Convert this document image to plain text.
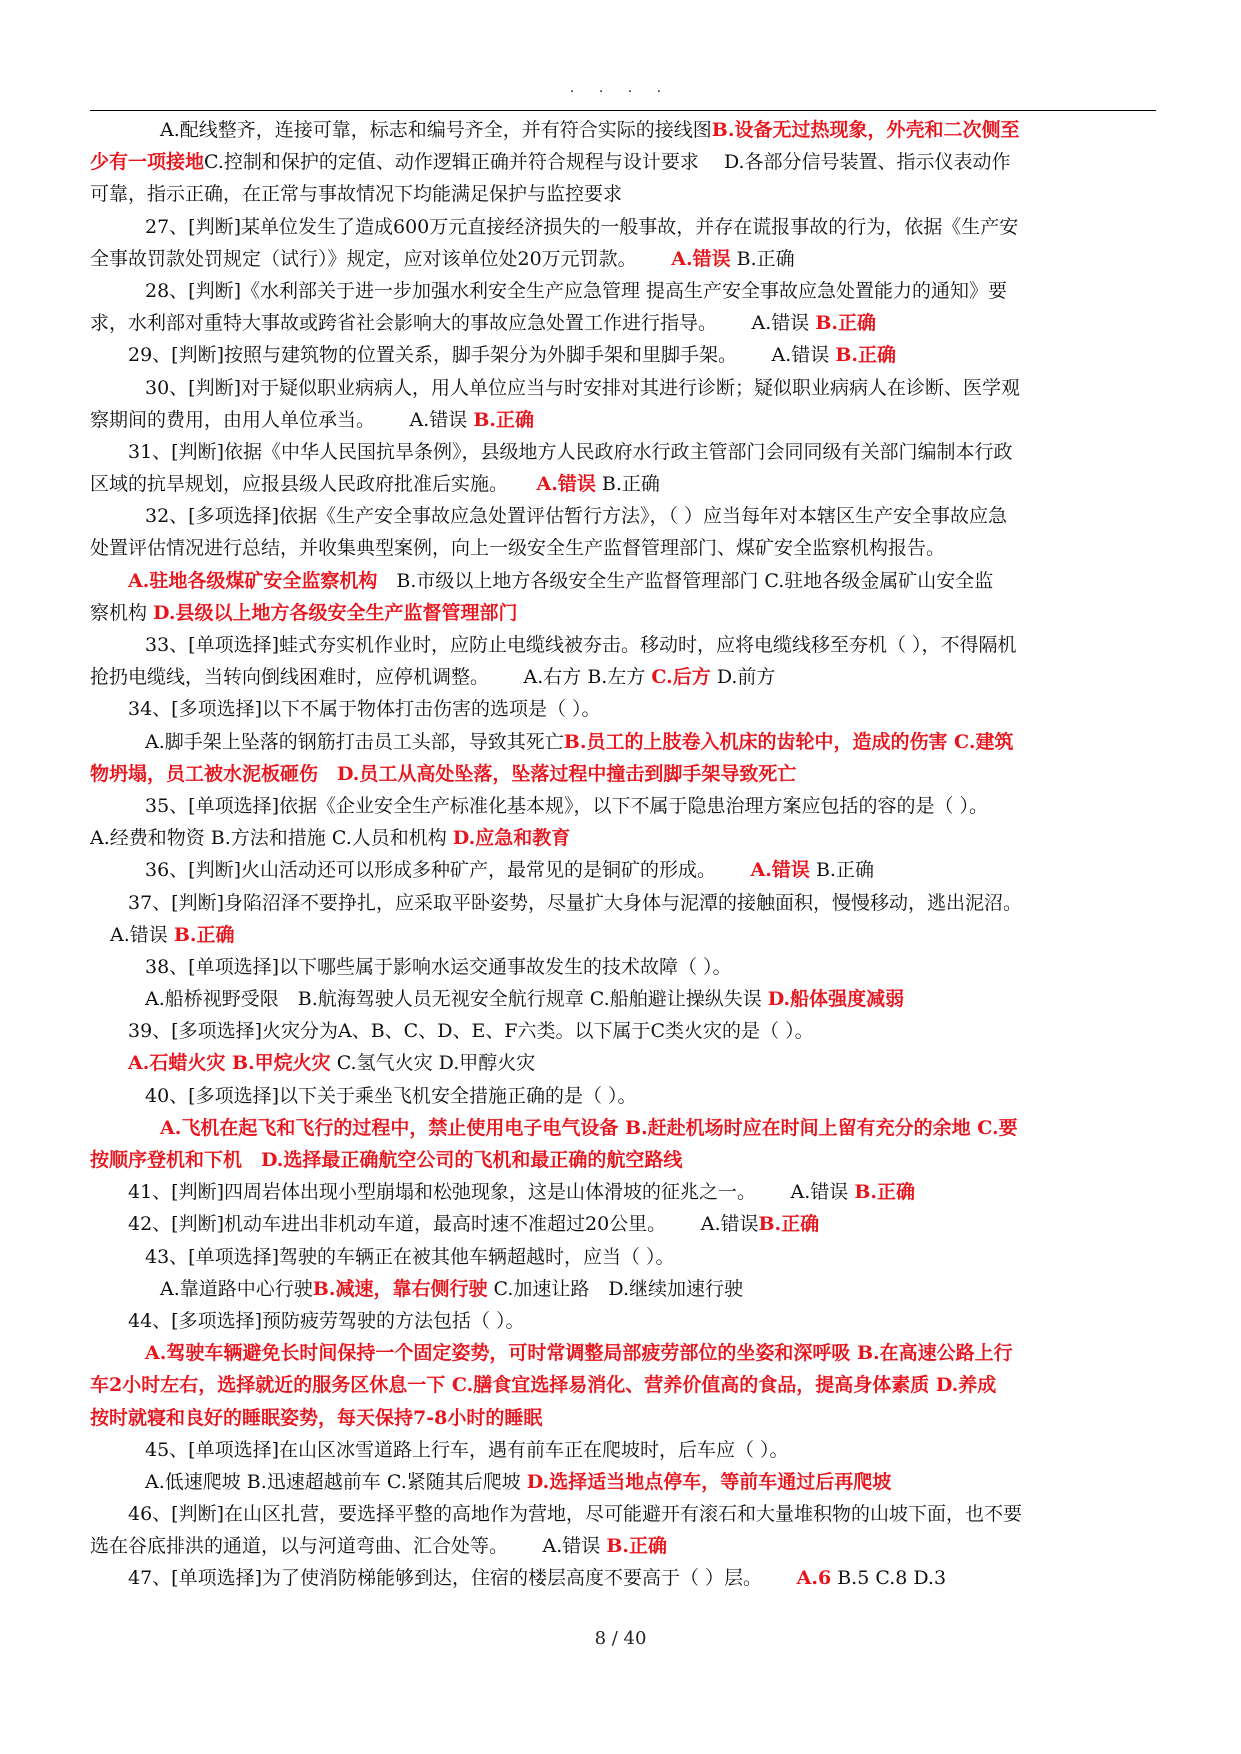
. . . .
A.配线整齐，连接可靠，标志和编号齐全，并有符合实际的接线图B.设备无过热现象，外壳和二次侧至
少有一项接地C.控制和保护的定值、动作逻辑正确并符合规程与设计要求　 D.各部分信号装置、指示仪表动作
可靠，指示正确，在正常与事故情况下均能满足保护与监控要求
27、[判断]某单位发生了造成600万元直接经济损失的一般事故，并存在谎报事故的行为，依据《生产安
全事故罚款处罚规定（试行）》规定，应对该单位处20万元罚款。　　 A.错误 B.正确
28、[判断]《水利部关于进一步加强水利安全生产应急管理 提高生产安全事故应急处置能力的通知》要
求，水利部对重特大事故或跨省社会影响大的事故应急处置工作进行指导。　　 A.错误 B.正确
29、[判断]按照与建筑物的位置关系，脚手架分为外脚手架和里脚手架。　　 A.错误 B.正确
30、[判断]对于疑似职业病病人，用人单位应当与时安排对其进行诊断；疑似职业病病人在诊断、医学观
察期间的费用，由用人单位承当。　　 A.错误 B.正确
31、[判断]依据《中华人民国抗旱条例》，县级地方人民政府水行政主管部门会同同级有关部门编制本行政
区域的抗旱规划，应报县级人民政府批准后实施。　　A.错误 B.正确
32、[多项选择]依据《生产安全事故应急处置评估暂行方法》，（ ）应当每年对本辖区生产安全事故应急
处置评估情况进行总结，并收集典型案例，向上一级安全生产监督管理部门、煤矿安全监察机构报告。
A.驻地各级煤矿安全监察机构　B.市级以上地方各级安全生产监督管理部门 C.驻地各级金属矿山安全监
察机构 D.县级以上地方各级安全生产监督管理部门
33、[单项选择]蛙式夯实机作业时，应防止电缆线被夯击。移动时，应将电缆线移至夯机（ ），不得隔机
抢扔电缆线，当转向倒线困难时，应停机调整。　　 A.右方 B.左方 C.后方 D.前方
34、[多项选择]以下不属于物体打击伤害的选项是（ ）。
A.脚手架上坠落的钢筋打击员工头部，导致其死亡B.员工的上肢卷入机床的齿轮中，造成的伤害 C.建筑
物坍塌，员工被水泥板砸伤　D.员工从高处坠落，坠落过程中撞击到脚手架导致死亡
35、[单项选择]依据《企业安全生产标准化基本规》，以下不属于隐患治理方案应包括的容的是（ ）。
A.经费和物资 B.方法和措施 C.人员和机构 D.应急和教育
36、[判断]火山活动还可以形成多种矿产，最常见的是铜矿的形成。　　 A.错误 B.正确
37、[判断]身陷沼泽不要挣扎，应采取平卧姿势，尽量扩大身体与泥潭的接触面积，慢慢移动，逃出泥沼。
A.错误 B.正确
38、[单项选择]以下哪些属于影响水运交通事故发生的技术故障（ ）。
A.船桥视野受限　B.航海驾驶人员无视安全航行规章 C.船舶避让操纵失误 D.船体强度减弱
39、[多项选择]火灾分为A、B、C、D、E、F六类。以下属于C类火灾的是（ ）。
A.石蜡火灾 B.甲烷火灾 C.氢气火灾 D.甲醇火灾
40、[多项选择]以下关于乘坐飞机安全措施正确的是（ ）。
A.飞机在起飞和飞行的过程中，禁止使用电子电气设备 B.赶赴机场时应在时间上留有充分的余地 C.要
按顺序登机和下机　D.选择最正确航空公司的飞机和最正确的航空路线
41、[判断]四周岩体出现小型崩塌和松弛现象，这是山体滑坡的征兆之一。　　 A.错误 B.正确
42、[判断]机动车进出非机动车道，最高时速不准超过20公里。　　 A.错误B.正确
43、[单项选择]驾驶的车辆正在被其他车辆超越时，应当（ ）。
A.靠道路中心行驶B.减速，靠右侧行驶 C.加速让路　D.继续加速行驶
44、[多项选择]预防疲劳驾驶的方法包括（ ）。
A.驾驶车辆避免长时间保持一个固定姿势，可时常调整局部疲劳部位的坐姿和深呼吸 B.在高速公路上行
车2小时左右，选择就近的服务区休息一下 C.膳食宜选择易消化、营养价值高的食品，提高身体素质 D.养成
按时就寝和良好的睡眠姿势，每天保持7-8小时的睡眠
45、[单项选择]在山区冰雪道路上行车，遇有前车正在爬坡时，后车应（ ）。
A.低速爬坡 B.迅速超越前车 C.紧随其后爬坡 D.选择适当地点停车，等前车通过后再爬坡
46、[判断]在山区扎营，要选择平整的高地作为营地，尽可能避开有滚石和大量堆积物的山坡下面，也不要
选在谷底排洪的通道，以与河道弯曲、汇合处等。　　 A.错误 B.正确
47、[单项选择]为了使消防梯能够到达，住宿的楼层高度不要高于（ ）层。　　 A.6 B.5 C.8 D.3
8 / 40
